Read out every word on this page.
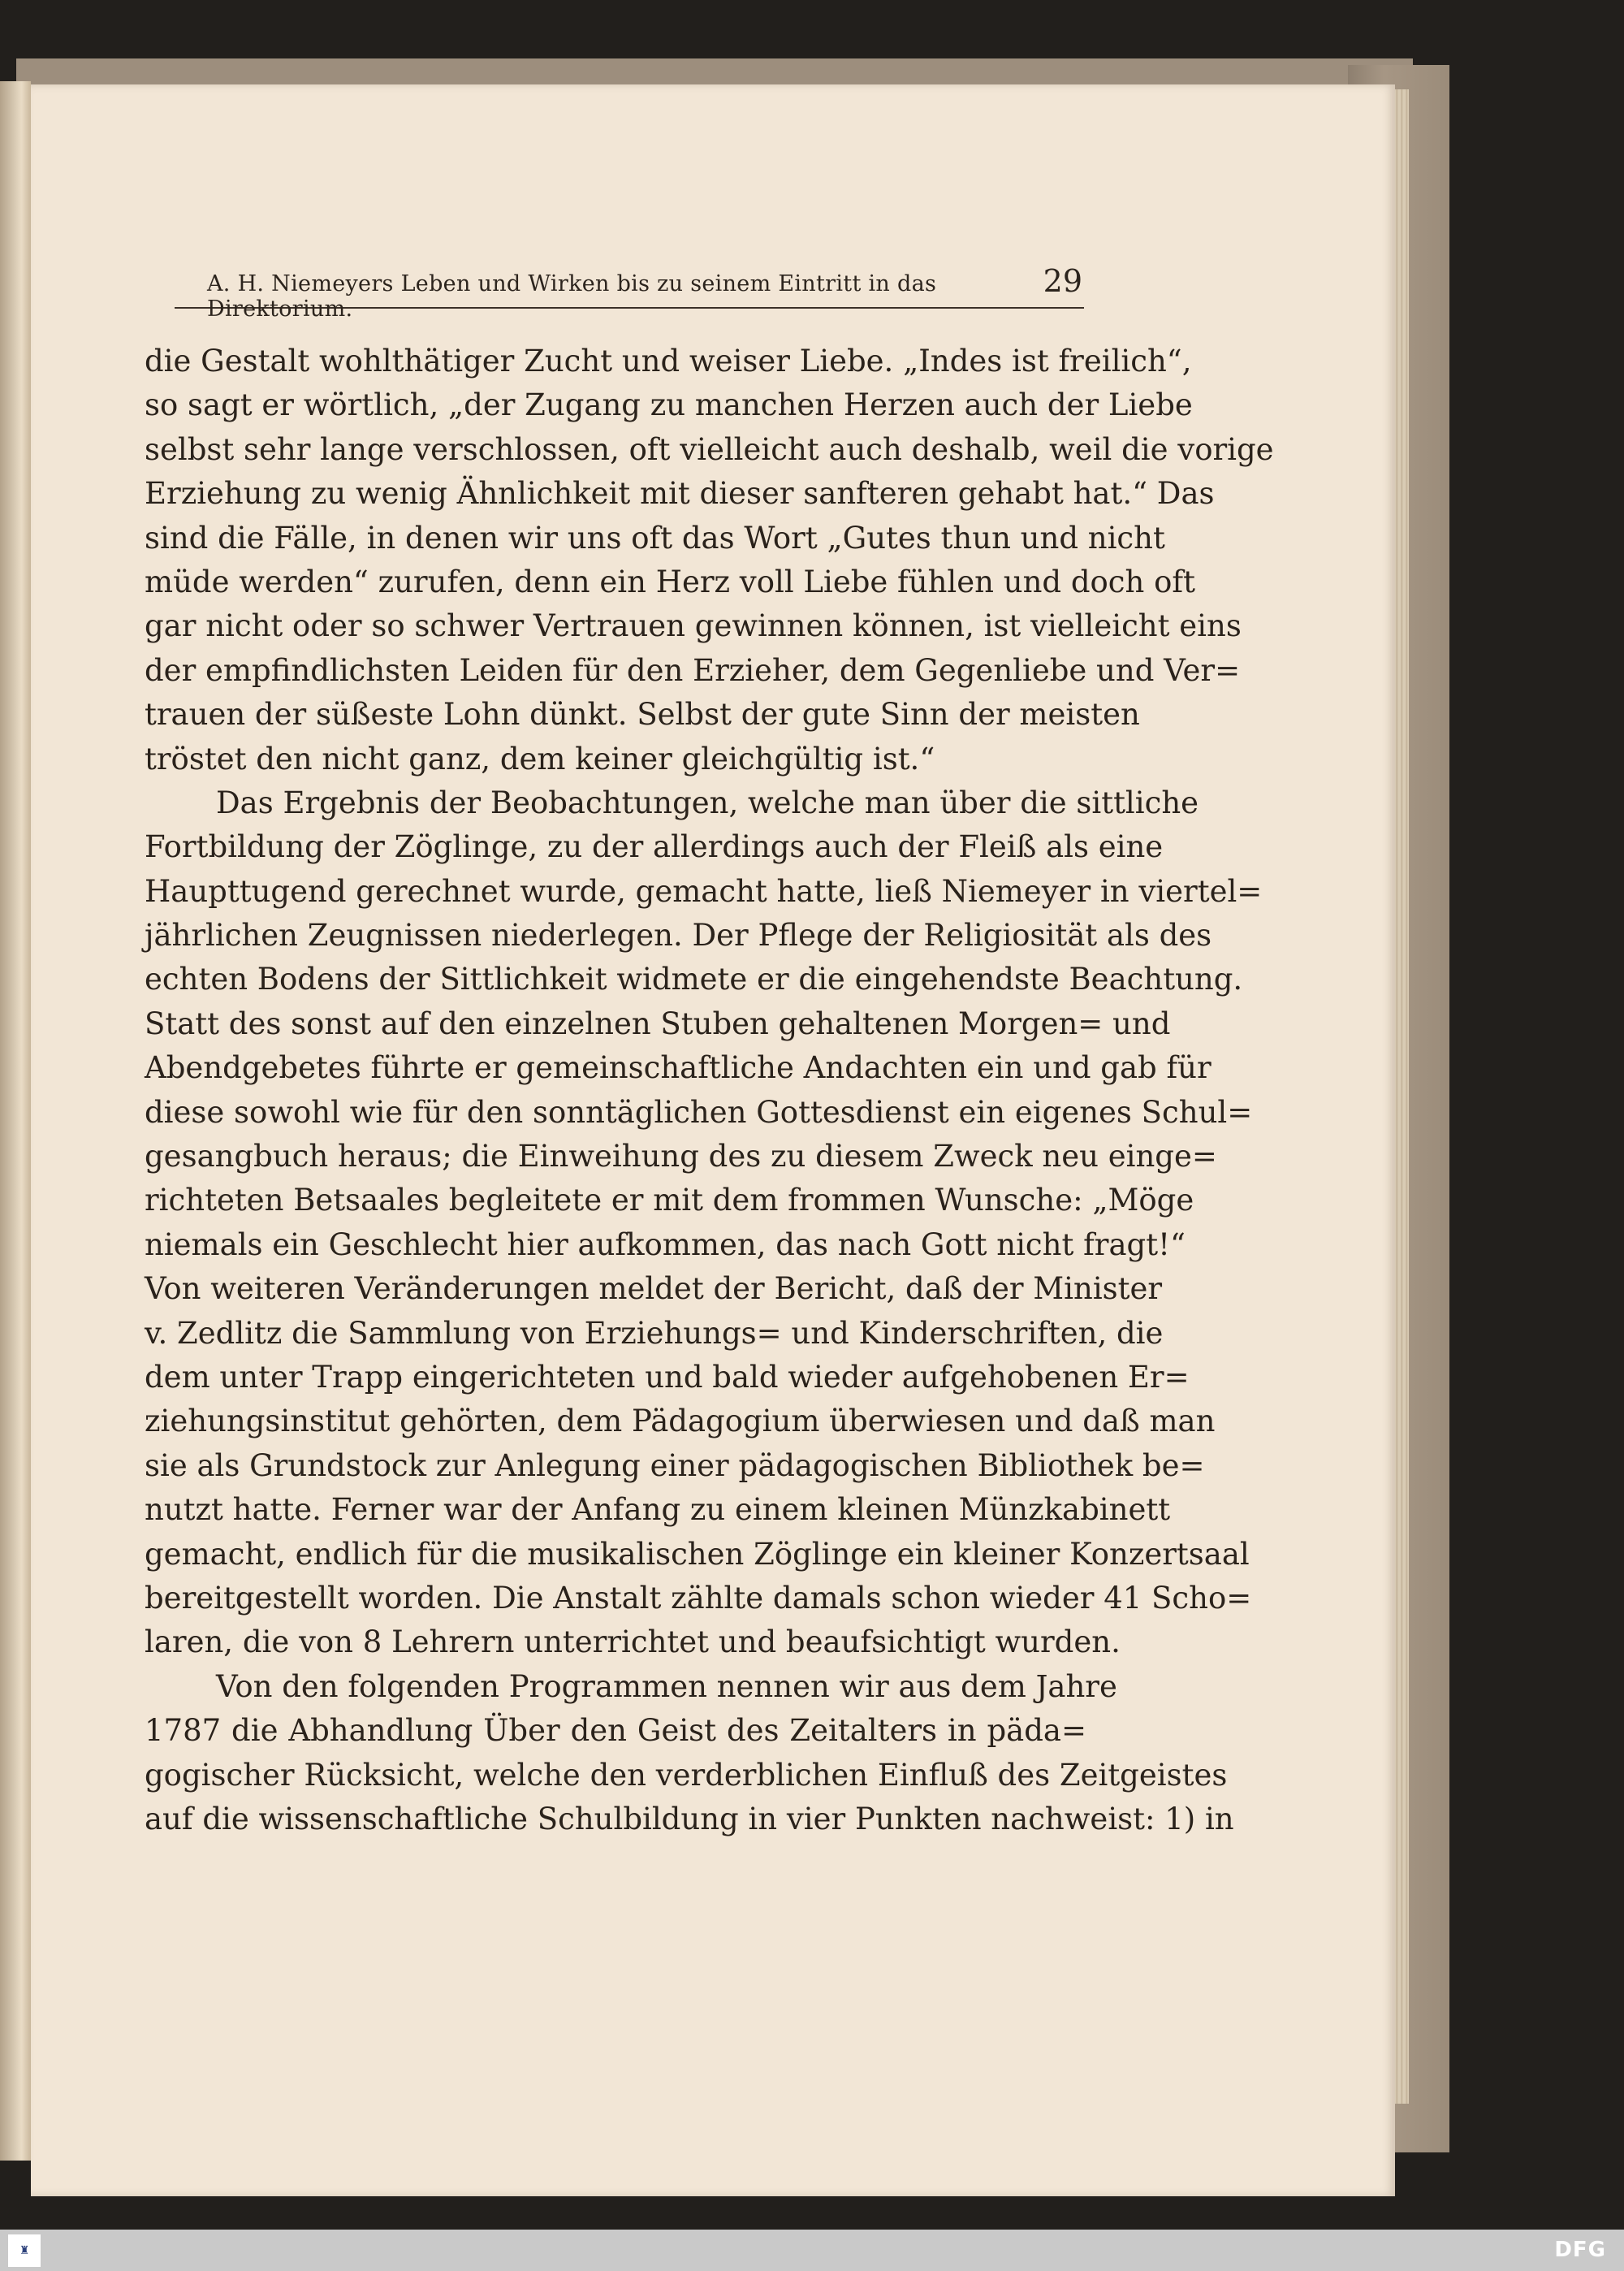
A. H. Niemeyers Leben und Wirken bis zu seinem Eintritt in das Direktorium.
29
die Gestalt wohlthätiger Zucht und weiser Liebe. „Indes ist freilich“,
so sagt er wörtlich, „der Zugang zu manchen Herzen auch der Liebe
selbst sehr lange verschlossen, oft vielleicht auch deshalb, weil die vorige
Erziehung zu wenig Ähnlichkeit mit dieser sanfteren gehabt hat.“ Das
sind die Fälle, in denen wir uns oft das Wort „Gutes thun und nicht
müde werden“ zurufen, denn ein Herz voll Liebe fühlen und doch oft
gar nicht oder so schwer Vertrauen gewinnen können, ist vielleicht eins
der empfindlichsten Leiden für den Erzieher, dem Gegenliebe und Ver=
trauen der süßeste Lohn dünkt. Selbst der gute Sinn der meisten
tröstet den nicht ganz, dem keiner gleichgültig ist.“
Das Ergebnis der Beobachtungen, welche man über die sittliche
Fortbildung der Zöglinge, zu der allerdings auch der Fleiß als eine
Haupttugend gerechnet wurde, gemacht hatte, ließ Niemeyer in viertel=
jährlichen Zeugnissen niederlegen. Der Pflege der Religiosität als des
echten Bodens der Sittlichkeit widmete er die eingehendste Beachtung.
Statt des sonst auf den einzelnen Stuben gehaltenen Morgen= und
Abendgebetes führte er gemeinschaftliche Andachten ein und gab für
diese sowohl wie für den sonntäglichen Gottesdienst ein eigenes Schul=
gesangbuch heraus; die Einweihung des zu diesem Zweck neu einge=
richteten Betsaales begleitete er mit dem frommen Wunsche: „Möge
niemals ein Geschlecht hier aufkommen, das nach Gott nicht fragt!“
Von weiteren Veränderungen meldet der Bericht, daß der Minister
v. Zedlitz die Sammlung von Erziehungs= und Kinderschriften, die
dem unter Trapp eingerichteten und bald wieder aufgehobenen Er=
ziehungsinstitut gehörten, dem Pädagogium überwiesen und daß man
sie als Grundstock zur Anlegung einer pädagogischen Bibliothek be=
nutzt hatte. Ferner war der Anfang zu einem kleinen Münzkabinett
gemacht, endlich für die musikalischen Zöglinge ein kleiner Konzertsaal
bereitgestellt worden. Die Anstalt zählte damals schon wieder 41 Scho=
laren, die von 8 Lehrern unterrichtet und beaufsichtigt wurden.
Von den folgenden Programmen nennen wir aus dem Jahre
1787 die Abhandlung Über den Geist des Zeitalters in päda=
gogischer Rücksicht, welche den verderblichen Einfluß des Zeitgeistes
auf die wissenschaftliche Schulbildung in vier Punkten nachweist: 1) in
♜	DFG
